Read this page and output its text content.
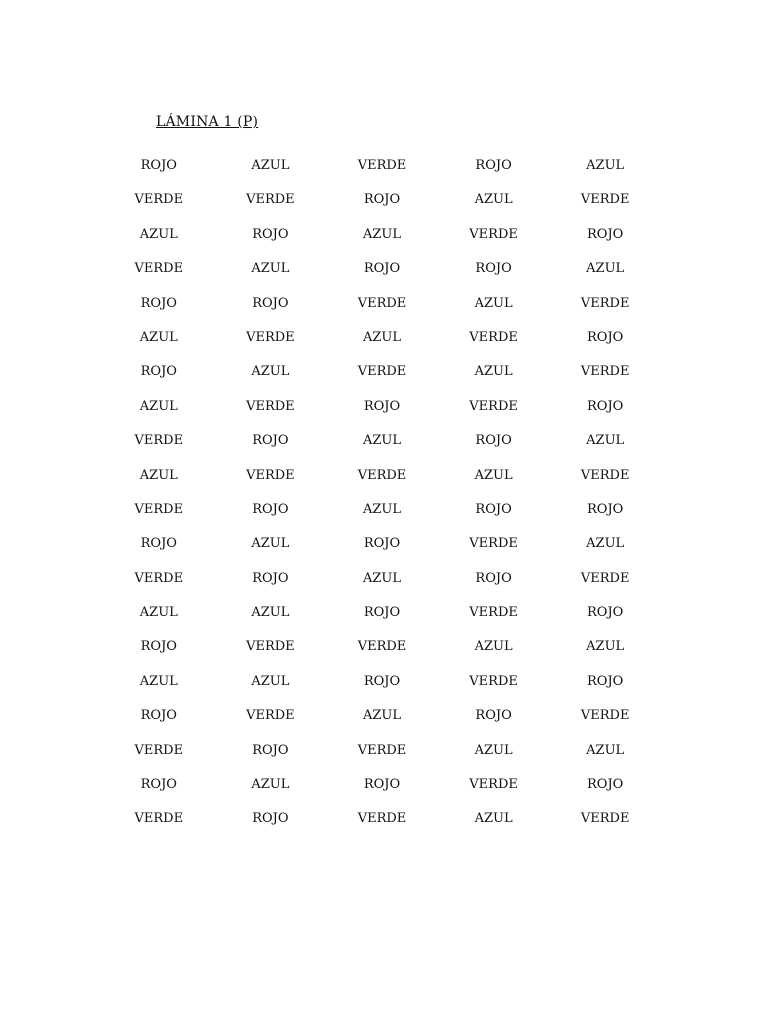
LÁMINA 1 (P)
ROJO	AZUL	VERDE	ROJO	AZUL
VERDE	VERDE	ROJO	AZUL	VERDE
AZUL	ROJO	AZUL	VERDE	ROJO
VERDE	AZUL	ROJO	ROJO	AZUL
ROJO	ROJO	VERDE	AZUL	VERDE
AZUL	VERDE	AZUL	VERDE	ROJO
ROJO	AZUL	VERDE	AZUL	VERDE
AZUL	VERDE	ROJO	VERDE	ROJO
VERDE	ROJO	AZUL	ROJO	AZUL
AZUL	VERDE	VERDE	AZUL	VERDE
VERDE	ROJO	AZUL	ROJO	ROJO
ROJO	AZUL	ROJO	VERDE	AZUL
VERDE	ROJO	AZUL	ROJO	VERDE
AZUL	AZUL	ROJO	VERDE	ROJO
ROJO	VERDE	VERDE	AZUL	AZUL
AZUL	AZUL	ROJO	VERDE	ROJO
ROJO	VERDE	AZUL	ROJO	VERDE
VERDE	ROJO	VERDE	AZUL	AZUL
ROJO	AZUL	ROJO	VERDE	ROJO
VERDE	ROJO	VERDE	AZUL	VERDE
